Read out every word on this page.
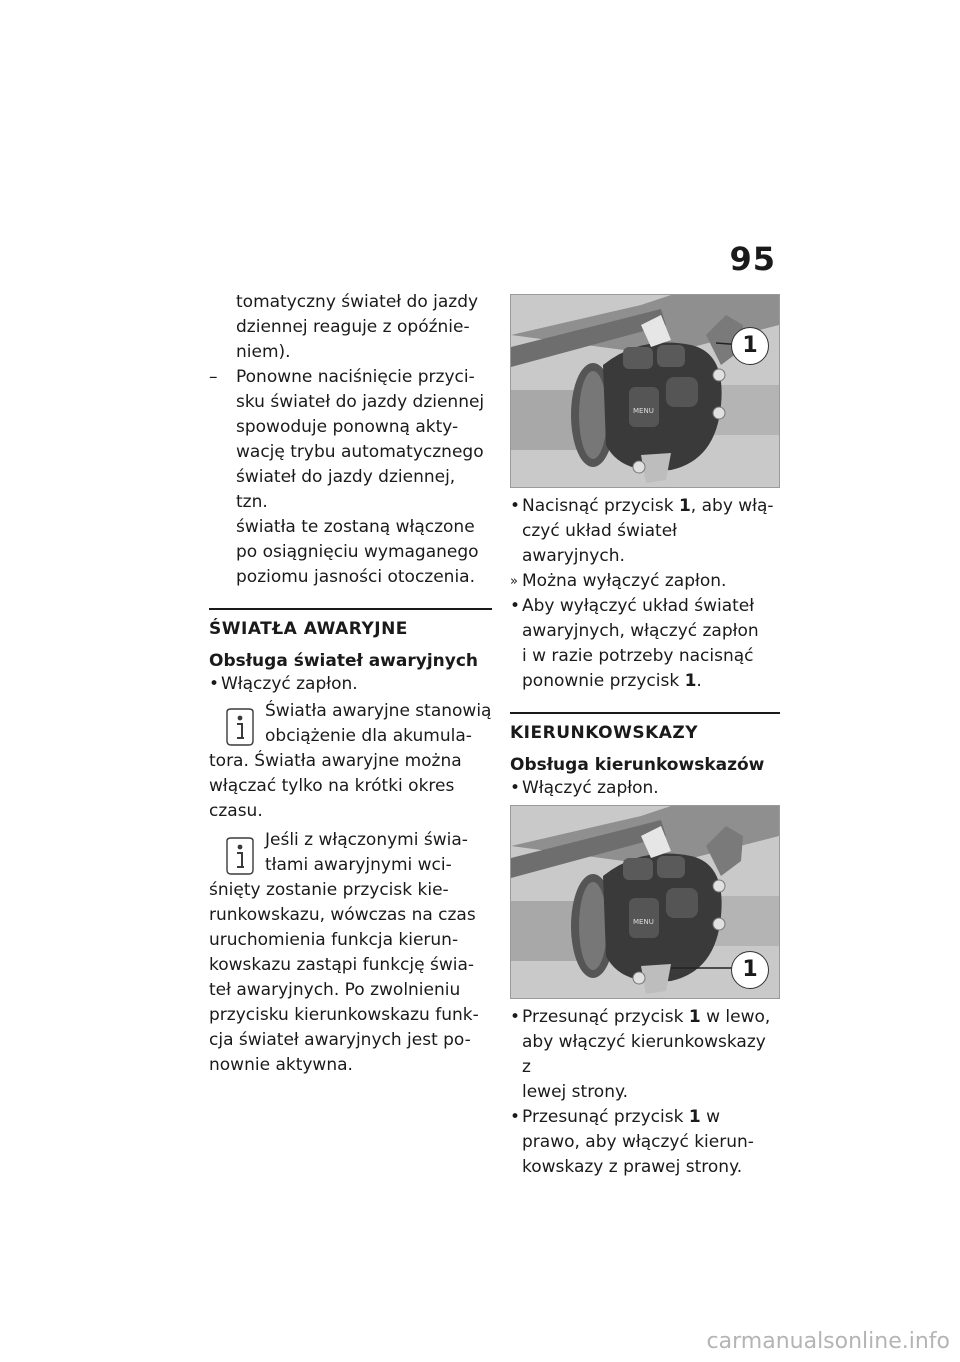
95
tomatyczny świateł do jazdy
dziennej reaguje z opóźnie-
niem).
– Ponowne naciśnięcie przyci-
sku świateł do jazdy dziennej
spowoduje ponowną akty-
wację trybu automatycznego
świateł do jazdy dziennej, tzn.
światła te zostaną włączone
po osiągnięciu wymaganego
poziomu jasności otoczenia.
ŚWIATŁA AWARYJNE
Obsługa świateł awaryjnych
• Włączyć zapłon.
Światła awaryjne stanowią
obciążenie dla akumula-
tora. Światła awaryjne można
włączać tylko na krótki okres
czasu.
Jeśli z włączonymi świa-
tłami awaryjnymi wci-
śnięty zostanie przycisk kie-
runkowskazu, wówczas na czas
uruchomienia funkcja kierun-
kowskazu zastąpi funkcję świa-
teł awaryjnych. Po zwolnieniu
przycisku kierunkowskazu funk-
cja świateł awaryjnych jest po-
nownie aktywna.
MENU
1
• Nacisnąć przycisk 1, aby włą-
czyć układ świateł awaryjnych.
» Można wyłączyć zapłon.
• Aby wyłączyć układ świateł
awaryjnych, włączyć zapłon
i w razie potrzeby nacisnąć
ponownie przycisk 1.
KIERUNKOWSKAZY
Obsługa kierunkowskazów
• Włączyć zapłon.
MENU
1
• Przesunąć przycisk 1 w lewo,
aby włączyć kierunkowskazy z
lewej strony.
• Przesunąć przycisk 1 w
prawo, aby włączyć kierun-
kowskazy z prawej strony.
carmanualsonline.info
